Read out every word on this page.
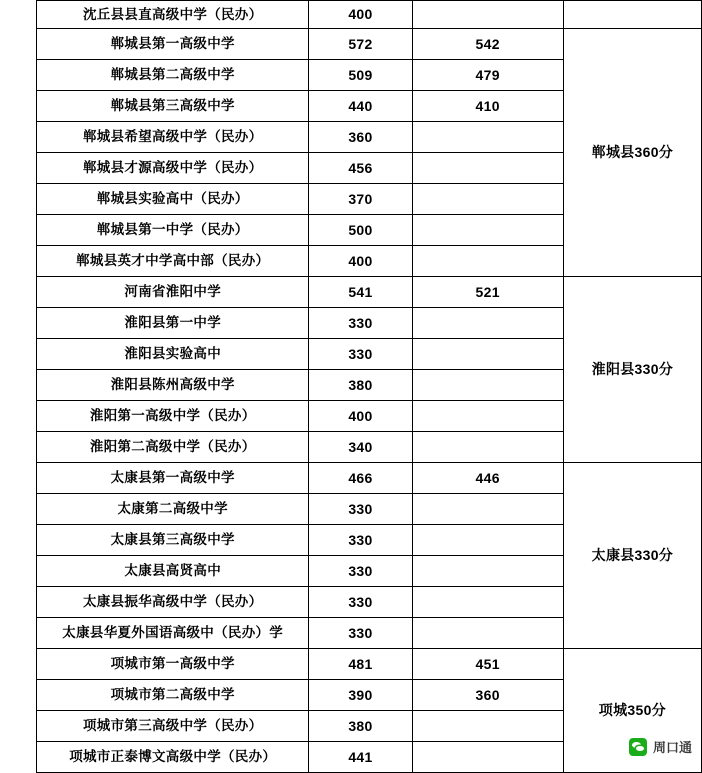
沈丘县县直高级中学（民办）	400		
郸城县第一高级中学	572	542	郸城县360分
郸城县第二高级中学	509	479	
郸城县第三高级中学	440	410	
郸城县希望高级中学（民办）	360		
郸城县才源高级中学（民办）	456		
郸城县实验高中（民办）	370		
郸城县第一中学（民办）	500		
郸城县英才中学高中部（民办）	400		
河南省淮阳中学	541	521	淮阳县330分
淮阳县第一中学	330		
淮阳县实验高中	330		
淮阳县陈州高级中学	380		
淮阳第一高级中学（民办）	400		
淮阳第二高级中学（民办）	340		
太康县第一高级中学	466	446	太康县330分
太康第二高级中学	330		
太康县第三高级中学	330		
太康县高贤高中	330		
太康县振华高级中学（民办）	330		
太康县华夏外国语高级中（民办）学	330		
项城市第一高级中学	481	451	项城350分
项城市第二高级中学	390	360	
项城市第三高级中学（民办）	380		
项城市正泰博文高级中学（民办）	441		
周口通
